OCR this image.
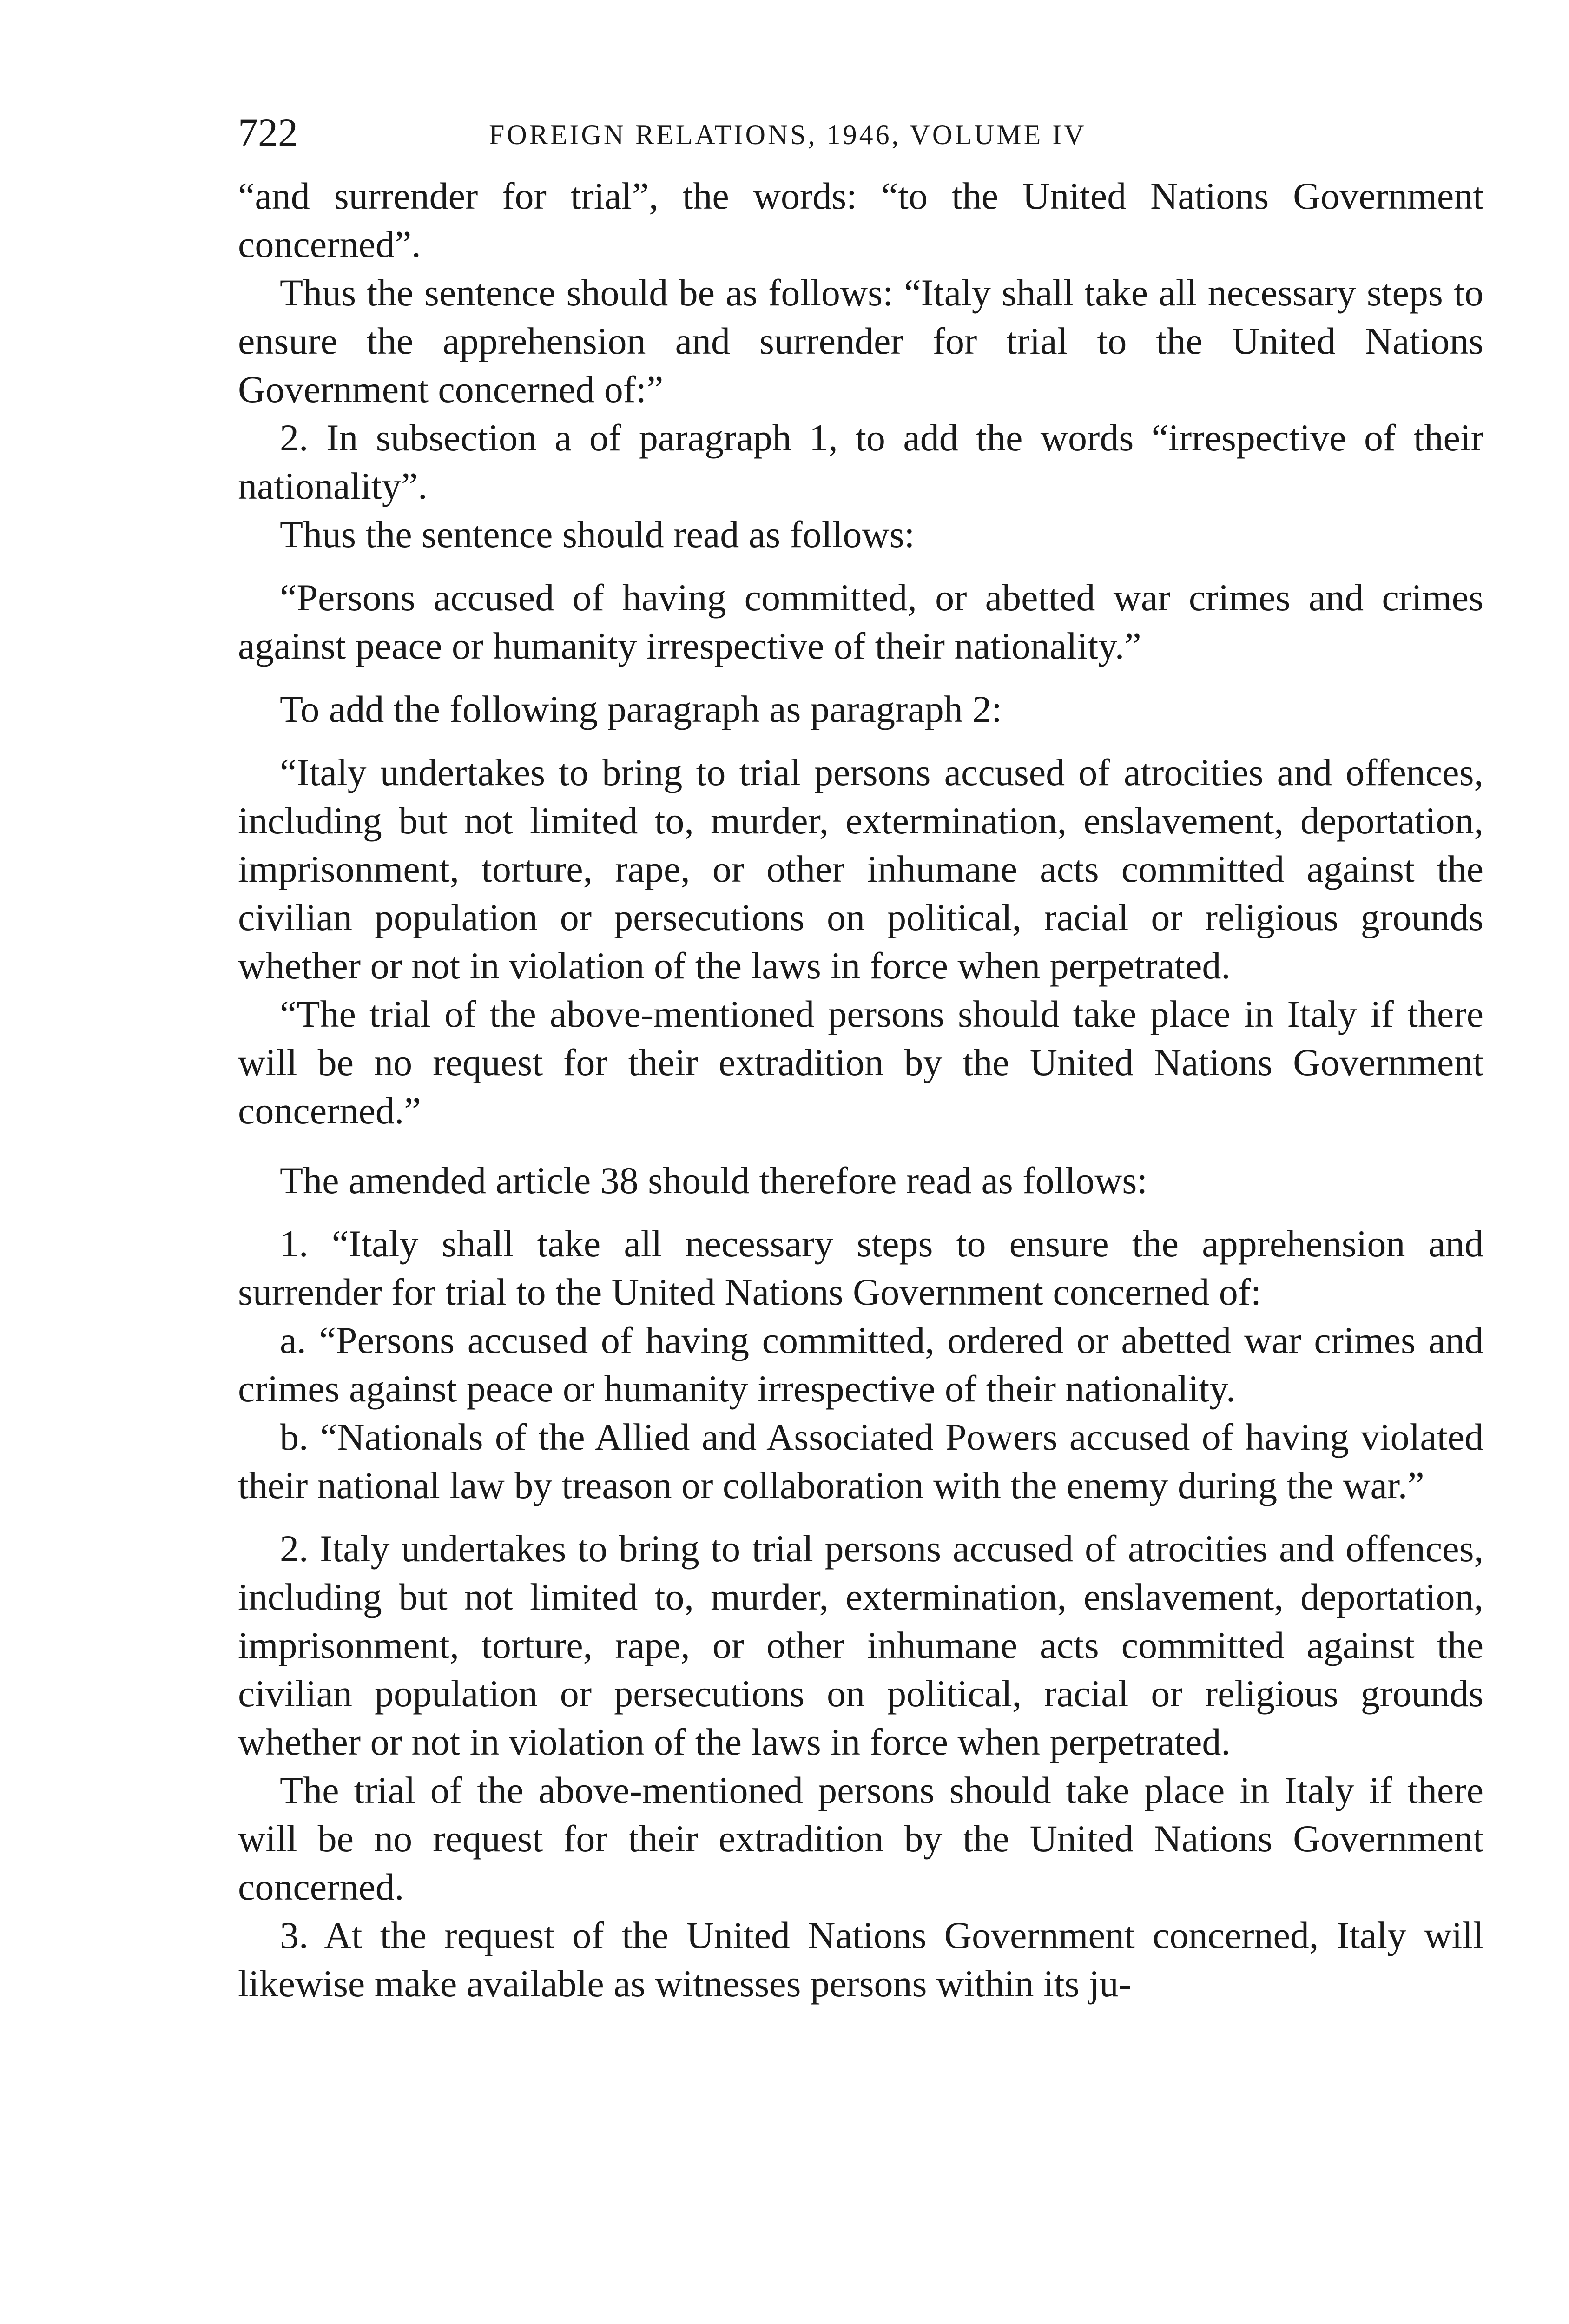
722	FOREIGN RELATIONS, 1946, VOLUME IV

“and surrender for trial”, the words: “to the United Nations Government concerned”.

Thus the sentence should be as follows: “Italy shall take all necessary steps to ensure the apprehension and surrender for trial to the United Nations Government concerned of:”

2. In subsection a of paragraph 1, to add the words “irrespective of their nationality”.

Thus the sentence should read as follows:

“Persons accused of having committed, or abetted war crimes and crimes against peace or humanity irrespective of their nationality.”

To add the following paragraph as paragraph 2:

“Italy undertakes to bring to trial persons accused of atrocities and offences, including but not limited to, murder, extermination, enslavement, deportation, imprisonment, torture, rape, or other inhumane acts committed against the civilian population or persecutions on political, racial or religious grounds whether or not in violation of the laws in force when perpetrated.

“The trial of the above-mentioned persons should take place in Italy if there will be no request for their extradition by the United Nations Government concerned.”

The amended article 38 should therefore read as follows:

1. “Italy shall take all necessary steps to ensure the apprehension and surrender for trial to the United Nations Government concerned of:

a. “Persons accused of having committed, ordered or abetted war crimes and crimes against peace or humanity irrespective of their nationality.

b. “Nationals of the Allied and Associated Powers accused of having violated their national law by treason or collaboration with the enemy during the war.”

2. Italy undertakes to bring to trial persons accused of atrocities and offences, including but not limited to, murder, extermination, enslavement, deportation, imprisonment, torture, rape, or other inhumane acts committed against the civilian population or persecutions on political, racial or religious grounds whether or not in violation of the laws in force when perpetrated.

The trial of the above-mentioned persons should take place in Italy if there will be no request for their extradition by the United Nations Government concerned.

3. At the request of the United Nations Government concerned, Italy will likewise make available as witnesses persons within its ju-
